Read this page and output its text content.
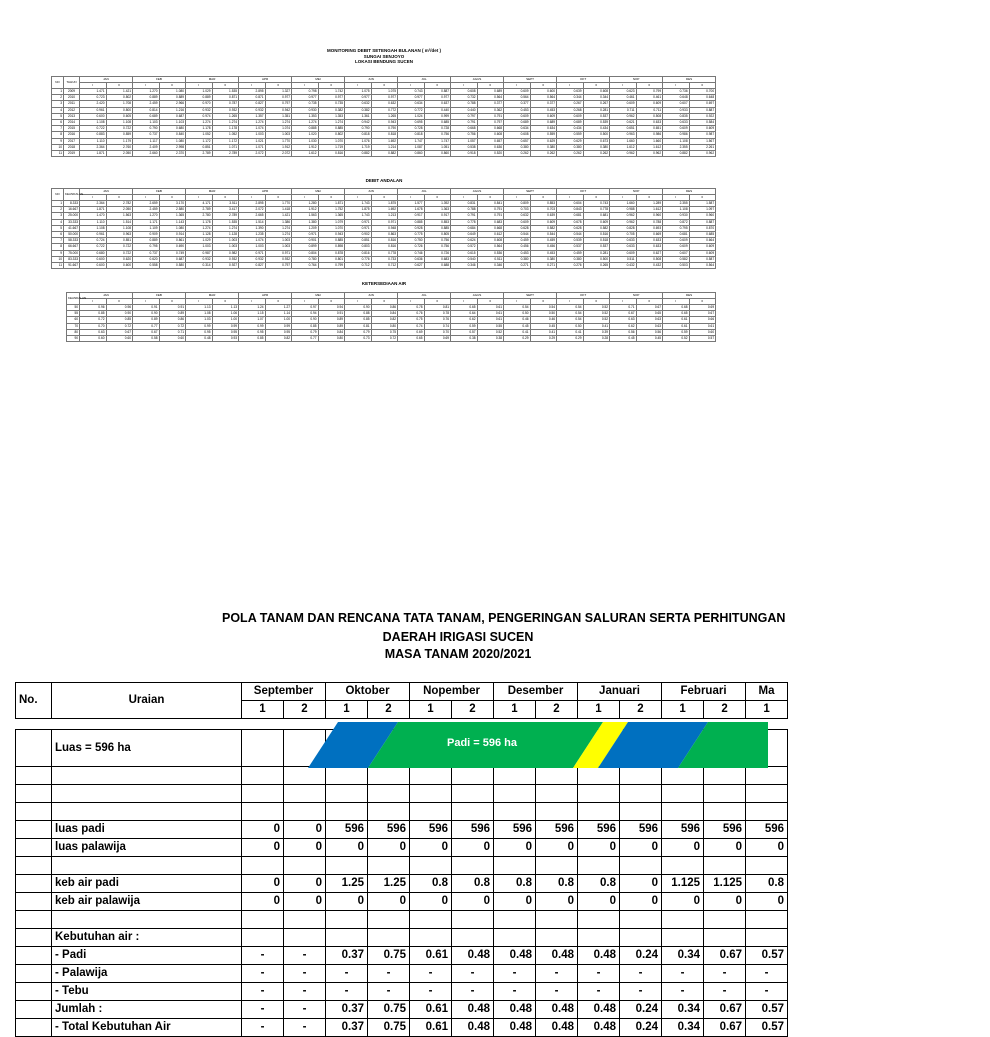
MONITORING DEBIT SETENGAH BULANAN ( m³/det )
SUNGAI SENJOYO
LOKASI BENDUNG SUCEN
NO	TAHUN	JAN		FEB		MAR		APR		MEI		JUN		JUL		AGUS		SEPT		OKT		NOP		DES	
		I	II	I	II	I	II	I	II	I	II	I	II	I	II	I	II	I	II	I	II	I	II	I	II
1	2009	1.471	1.421	1.270	1.080	1.029	1.535	2.895	1.327	0.798	1.742	1.075	1.075	0.743	0.887	0.608	0.689	0.609	0.600	0.639	0.608	0.623	0.799	0.736	0.700
2	2010	0.723	0.802	0.889	0.889	0.889	0.871	0.871	0.977	0.977	0.977	0.977	0.977	0.977	0.977	0.732	0.564	0.564	0.564	0.344	0.344	0.461	0.461	0.648	0.648
3	2011	2.420	1.708	2.459	2.966	0.970	0.787	0.827	0.797	0.735	0.735	0.632	0.632	0.634	0.637	0.788	0.377	0.377	0.377	0.267	0.267	0.609	0.609	0.607	0.697
4	2012	0.961	0.800	0.814	1.216	0.932	0.932	0.932	0.942	0.930	0.382	0.382	0.772	0.772	0.440	0.440	0.362	0.453	0.453	0.268	0.281	0.711	0.711	0.933	0.887
5	2013	0.600	0.605	0.689	0.687	0.974	1.265	1.357	1.351	1.353	1.353	1.361	1.265	1.024	0.999	0.797	0.791	0.609	0.609	0.609	0.537	0.962	0.508	0.835	0.922
6	2014	1.108	1.108	1.103	1.103	1.274	1.274	1.274	1.274	1.274	1.274	0.942	0.943	0.695	0.685	0.791	0.797	0.689	0.689	0.689	0.539	0.621	0.633	0.633	0.584
7	2015	0.722	0.722	0.790	0.680	1.178	1.178	1.074	1.074	0.885	0.885	0.790	0.790	0.728	0.728	0.668	0.668	0.634	0.634	0.434	0.434	0.651	0.651	0.609	0.609
8	2016	0.883	0.859	0.737	0.840	1.052	1.052	1.003	1.003	1.020	0.802	0.818	0.818	0.818	0.756	0.756	0.608	0.608	0.559	0.559	0.500	0.963	0.986	0.986	0.987
9	2017	1.110	1.179	1.117	1.080	1.172	1.172	1.021	1.770	1.030	1.070	1.076	1.692	1.747	1.747	1.057	0.657	0.657	0.629	0.629	0.673	1.660	1.660	1.108	1.567
10	2018	2.364	2.760	2.409	2.998	0.851	1.071	1.071	1.912	1.912	1.719	1.719	1.214	1.087	1.051	0.538	0.636	0.380	0.380	0.380	0.380	1.612	1.612	2.355	2.261
11	2019	1.871	2.050	2.660	2.370	2.789	2.789	2.072	2.072	1.612	0.816	0.882	0.882	0.860	0.860	0.918	0.520	0.262	0.262	0.262	0.262	0.962	0.962	0.882	0.962
DEBIT ANDALAN
NO	KEANDALAN	JAN		FEB		MAR		APR		MEI		JUN		JUL		AGUS		SEPT		OKT		NOP		DES	
		I	II	I	II	I	II	I	II	I	II	I	II	I	II	I	II	I	II	I	II	I	II	I	II
1	8.333	2.364	2.782	2.659	3.170	4.171	3.511	2.895	1.770	1.280	1.871	1.743	1.875	1.577	1.392	0.831	0.841	0.809	0.853	0.604	0.743	1.660	1.289	2.355	1.587
2	16.667	1.871	2.050	2.459	2.580	2.789	3.417	2.072	1.418	1.912	1.752	1.875	1.692	1.678	1.363	0.788	0.791	0.703	0.703	0.843	0.778	0.988	1.612	1.108	1.097
3	25.000	1.470	1.563	1.270	1.365	2.780	2.789	2.665	1.421	1.563	1.365	1.743	1.213	0.917	0.917	0.791	0.791	0.632	0.639	0.681	0.681	0.962	0.960	0.930	0.960
4	33.333	1.110	1.514	1.171	1.143	1.178	1.535	1.514	1.386	1.380	1.079	0.971	0.971	0.885	0.853	0.778	0.683	0.609	0.609	0.678	0.609	0.962	0.788	0.872	0.887
5	41.667	1.108	1.108	1.109	1.080	1.274	1.274	1.390	1.274	1.209	1.070	0.971	0.948	0.928	0.885	0.684	0.668	0.628	0.582	0.628	0.582	0.828	0.693	0.795	0.870
6	50.000	0.961	0.963	0.909	0.914	1.128	1.128	1.235	1.274	0.971	0.943	0.902	0.863	0.775	0.805	0.649	0.612	0.544	0.544	0.544	0.516	0.705	0.669	0.681	0.685
7	58.333	0.724	0.851	0.889	0.861	1.029	1.003	1.074	1.003	0.901	0.885	0.851	0.816	0.750	0.756	0.624	0.608	0.459	0.459	0.539	0.518	0.633	0.633	0.609	0.664
8	66.667	0.722	0.722	0.795	0.690	1.003	1.003	1.003	1.003	0.899	0.898	0.803	0.816	0.726	0.756	0.572	0.564	0.456	0.456	0.537	0.537	0.633	0.633	0.609	0.609
9	75.000	0.680	0.722	0.737	0.749	0.987	0.982	0.971	0.971	0.804	0.878	0.816	0.778	0.746	0.726	0.615	0.536	0.453	0.453	0.459	0.281	0.609	0.627	0.607	0.609
10	83.333	0.600	0.620	0.620	0.687	0.932	0.932	0.932	0.932	0.780	0.801	0.776	0.733	0.636	0.683	0.540	0.511	0.380	0.380	0.380	0.500	0.511	0.508	0.582	0.587
11	91.667	0.600	0.600	0.558	0.580	0.314	0.927	0.827	0.797	0.764	0.799	0.712	0.712	0.627	0.688	0.346	0.346	0.271	0.271	0.276	0.265	0.432	0.432	0.503	0.564
KETERSEDIAAN AIR
KEANDALAN	JAN		FEB		MAR		APR		MEI		JUN		JUL		AGUS		SEPT		OKT		NOP		DES	
	I	II	I	II	I	II	I	II	I	II	I	II	I	II	I	II	I	II	I	II	I	II	I	II
50	0.96	0.96	0.91	0.91	1.13	1.13	1.24	1.27	0.97	0.94	0.90	0.86	0.78	0.81	0.65	0.61	0.54	0.54	0.54	0.52	0.71	0.67	0.68	0.69
55	0.85	0.90	0.90	0.89	1.08	1.06	1.15	1.14	0.94	0.91	0.88	0.84	0.76	0.78	0.64	0.61	0.50	0.50	0.54	0.52	0.67	0.65	0.65	0.67
60	0.72	0.85	0.89	0.86	1.03	1.00	1.07	1.00	0.90	0.89	0.85	0.82	0.75	0.76	0.62	0.61	0.46	0.46	0.54	0.52	0.63	0.63	0.61	0.66
70	0.70	0.72	0.77	0.72	0.99	0.99	0.99	0.99	0.85	0.89	0.81	0.80	0.74	0.74	0.59	0.55	0.45	0.45	0.50	0.41	0.62	0.63	0.61	0.61
80	0.63	0.67	0.67	0.71	0.95	0.95	0.95	0.95	0.79	0.84	0.79	0.75	0.69	0.70	0.57	0.52	0.41	0.41	0.41	0.39	0.56	0.56	0.59	0.60
90	0.60	0.60	0.58	0.60	0.48	0.93	0.85	0.82	0.77	0.80	0.73	0.72	0.65	0.69	0.38	0.38	0.29	0.29	0.29	0.28	0.45	0.45	0.52	0.57
POLA TANAM DAN RENCANA TATA TANAM, PENGERINGAN SALURAN SERTA PERHITUNGAN
DAERAH IRIGASI SUCEN
MASA TANAM 2020/2021
No.	Uraian	September		Oktober		Nopember		Desember		Januari		Februari		Ma
		1	2	1	2	1	2	1	2	1	2	1	2	1

	Luas = 596 ha													

	luas padi	0	0	596	596	596	596	596	596	596	596	596	596	596
	luas palawija	0	0	0	0	0	0	0	0	0	0	0	0	0

	keb air padi	0	0	1.25	1.25	0.8	0.8	0.8	0.8	0.8	0	1.125	1.125	0.8
	keb air palawija	0	0	0	0	0	0	0	0	0	0	0	0	0

	Kebutuhan air :													
	- Padi	-	-	0.37	0.75	0.61	0.48	0.48	0.48	0.48	0.24	0.34	0.67	0.57
	- Palawija	-	-	-	-	-	-	-	-	-	-	-	-	-
	- Tebu	-	-	-	-	-	-	-	-	-	-	-	-	-
	Jumlah :	-	-	0.37	0.75	0.61	0.48	0.48	0.48	0.48	0.24	0.34	0.67	0.57
	- Total Kebutuhan Air	-	-	0.37	0.75	0.61	0.48	0.48	0.48	0.48	0.24	0.34	0.67	0.57
Padi = 596 ha
